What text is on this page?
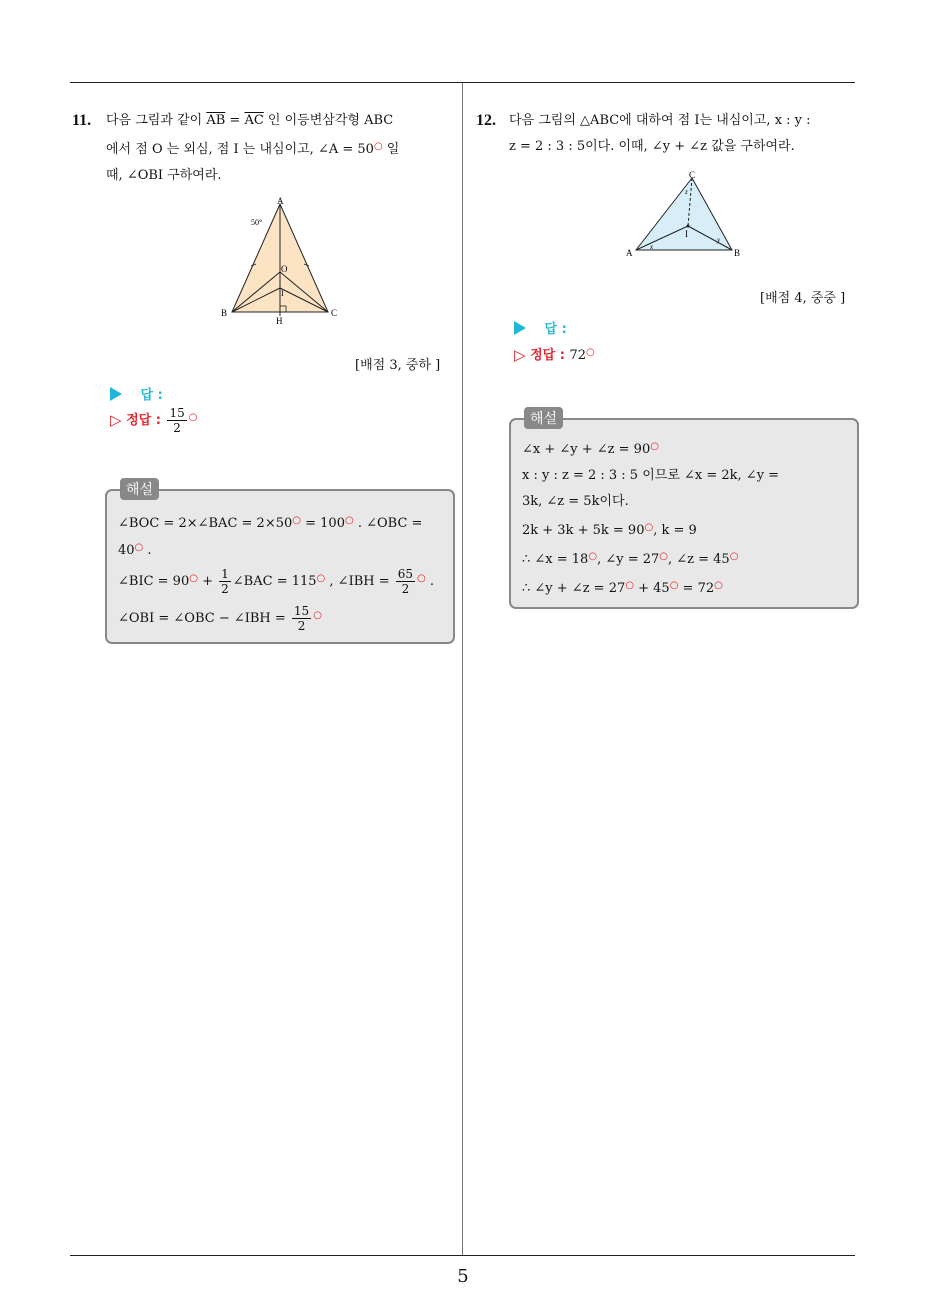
5
11. 다음 그림과 같이 $\overline{AB} = \overline{AC}$ 인 이등변삼각형 ABC
에서 점 O 는 외심, 점 I 는 내심이고, ∠A = 50○ 일
때, ∠OBI 구하여라.
A
B	C
H
O
I
50°
[배점 3, 중하 ]
답 :
▷ 정답 : $\frac{15}{2} ^○$
∠BOC = 2×∠BAC = 2×50○ = 100○ . ∠OBC =
40○ .
∠BIC = $90^○ + \frac{1}{2}$ ∠BAC = 115○ , ∠IBH = $\frac{65}{2} ^○$ .
∠OBI = ∠OBC − ∠IBH = $\frac{15}{2} ^○$
해설
12. 다음 그림의 △ABC에 대하여 점 I는 내심이고, x : y :
z = 2 : 3 : 5이다. 이때, ∠y + ∠z 값을 구하여라.
C
A	B
I
x
y
z
[배점 4, 중중 ]
답 :
▷ 정답 : 72○
∠x + ∠y + ∠z = 90○
x : y : z = 2 : 3 : 5 이므로 ∠x = 2k, ∠y =
3k, ∠z = 5k이다.
2k + 3k + 5k = 90○, k = 9
∴ ∠x = 18○, ∠y = 27○, ∠z = 45○
∴ ∠y + ∠z = 27○ + 45○ = 72○
해설
